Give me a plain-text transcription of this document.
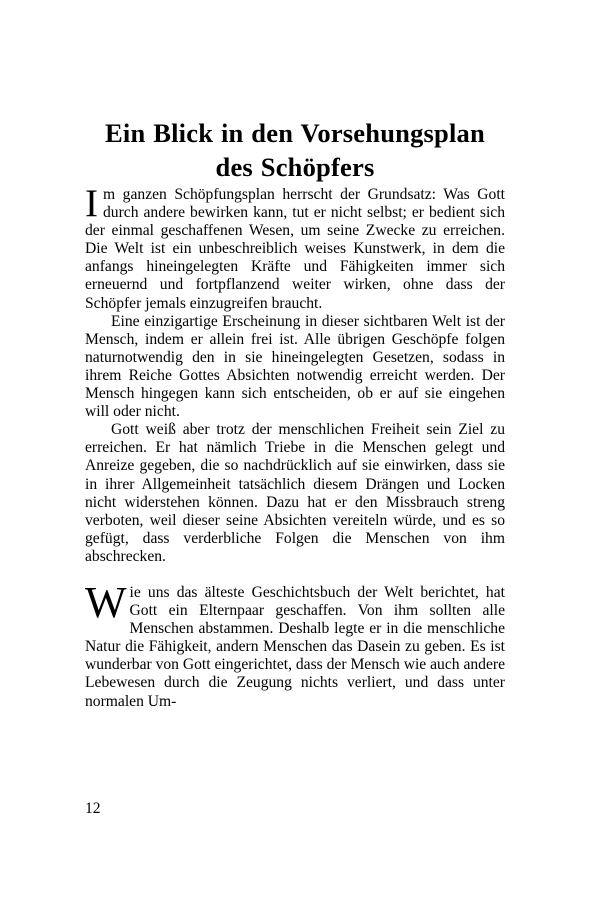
Ein Blick in den Vorsehungsplan
des Schöpfers

Im ganzen Schöpfungsplan herrscht der Grundsatz: Was Gott durch andere bewirken kann, tut er nicht selbst; er bedient sich der einmal geschaffenen Wesen, um seine Zwecke zu erreichen. Die Welt ist ein unbeschreiblich weises Kunstwerk, in dem die anfangs hineingelegten Kräfte und Fähigkeiten immer sich erneuernd und fortpflanzend weiter wirken, ohne dass der Schöpfer jemals einzugreifen braucht.

Eine einzigartige Erscheinung in dieser sichtbaren Welt ist der Mensch, indem er allein frei ist. Alle übrigen Geschöpfe folgen naturnotwendig den in sie hineingelegten Gesetzen, sodass in ihrem Reiche Gottes Absichten notwendig erreicht werden. Der Mensch hingegen kann sich entscheiden, ob er auf sie eingehen will oder nicht.

Gott weiß aber trotz der menschlichen Freiheit sein Ziel zu erreichen. Er hat nämlich Triebe in die Menschen gelegt und Anreize gegeben, die so nachdrücklich auf sie einwirken, dass sie in ihrer Allgemeinheit tatsächlich diesem Drängen und Locken nicht widerstehen können. Dazu hat er den Missbrauch streng verboten, weil dieser seine Absichten vereiteln würde, und es so gefügt, dass verderbliche Folgen die Menschen von ihm abschrecken.

Wie uns das älteste Geschichtsbuch der Welt berichtet, hat Gott ein Elternpaar geschaffen. Von ihm sollten alle Menschen abstammen. Deshalb legte er in die menschliche Natur die Fähigkeit, andern Menschen das Dasein zu geben. Es ist wunderbar von Gott eingerichtet, dass der Mensch wie auch andere Lebewesen durch die Zeugung nichts verliert, und dass unter normalen Um-

12
